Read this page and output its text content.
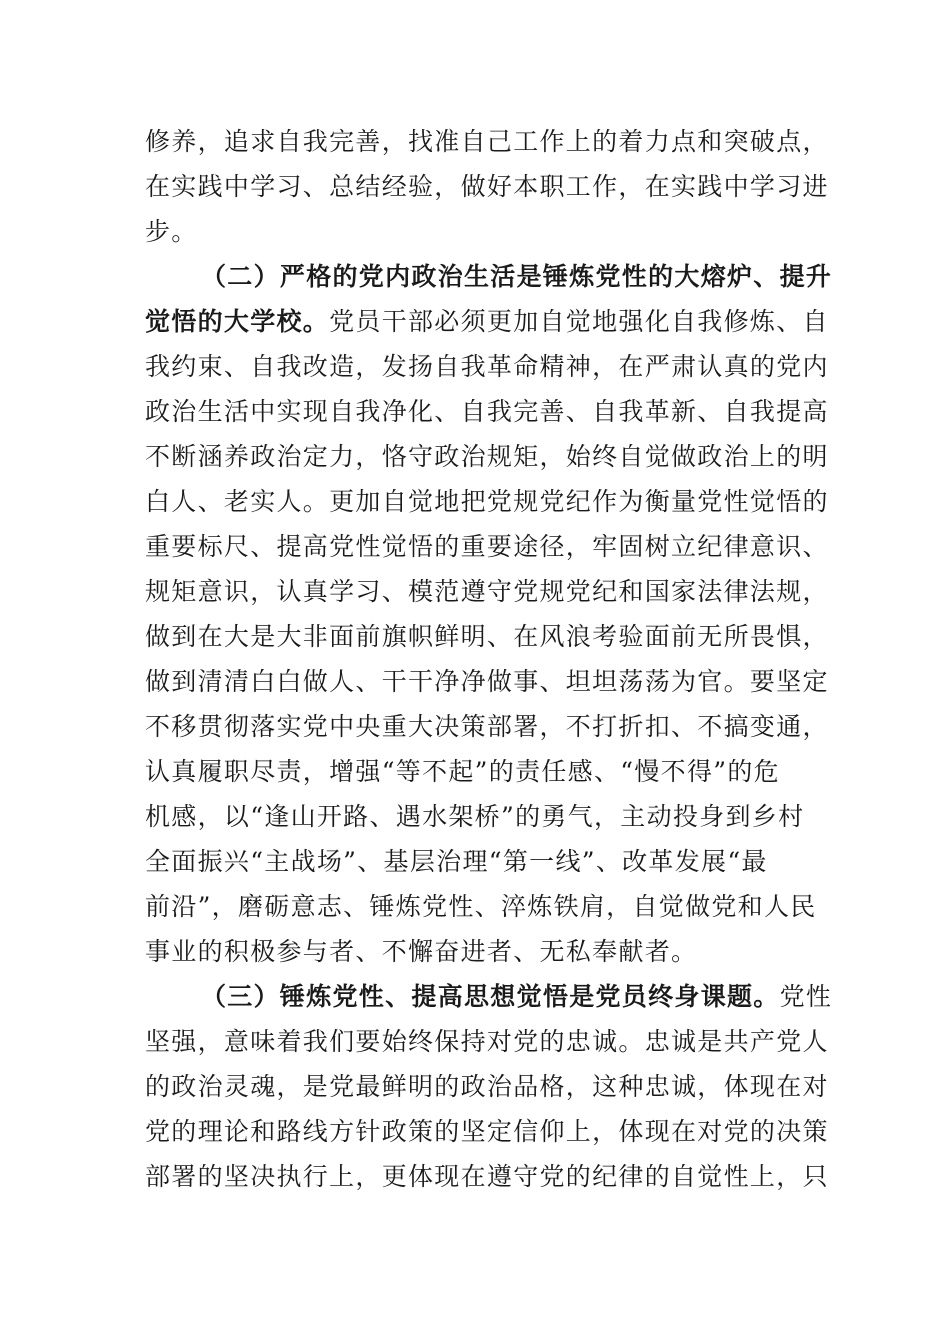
修养，追求自我完善，找准自己工作上的着力点和突破点，
在实践中学习、总结经验，做好本职工作，在实践中学习进
步。
（二）严格的党内政治生活是锤炼党性的大熔炉、提升
觉悟的大学校。党员干部必须更加自觉地强化自我修炼、自
我约束、自我改造，发扬自我革命精神，在严肃认真的党内
政治生活中实现自我净化、自我完善、自我革新、自我提高
不断涵养政治定力，恪守政治规矩，始终自觉做政治上的明
白人、老实人。更加自觉地把党规党纪作为衡量党性觉悟的
重要标尺、提高党性觉悟的重要途径，牢固树立纪律意识、
规矩意识，认真学习、模范遵守党规党纪和国家法律法规，
做到在大是大非面前旗帜鲜明、在风浪考验面前无所畏惧，
做到清清白白做人、干干净净做事、坦坦荡荡为官。要坚定
不移贯彻落实党中央重大决策部署，不打折扣、不搞变通，
认真履职尽责，增强“等不起”的责任感、“慢不得”的危
机感，以“逢山开路、遇水架桥”的勇气，主动投身到乡村
全面振兴“主战场”、基层治理“第一线”、改革发展“最
前沿”，磨砺意志、锤炼党性、淬炼铁肩，自觉做党和人民
事业的积极参与者、不懈奋进者、无私奉献者。
（三）锤炼党性、提高思想觉悟是党员终身课题。党性
坚强，意味着我们要始终保持对党的忠诚。忠诚是共产党人
的政治灵魂，是党最鲜明的政治品格，这种忠诚，体现在对
党的理论和路线方针政策的坚定信仰上，体现在对党的决策
部署的坚决执行上，更体现在遵守党的纪律的自觉性上，只
